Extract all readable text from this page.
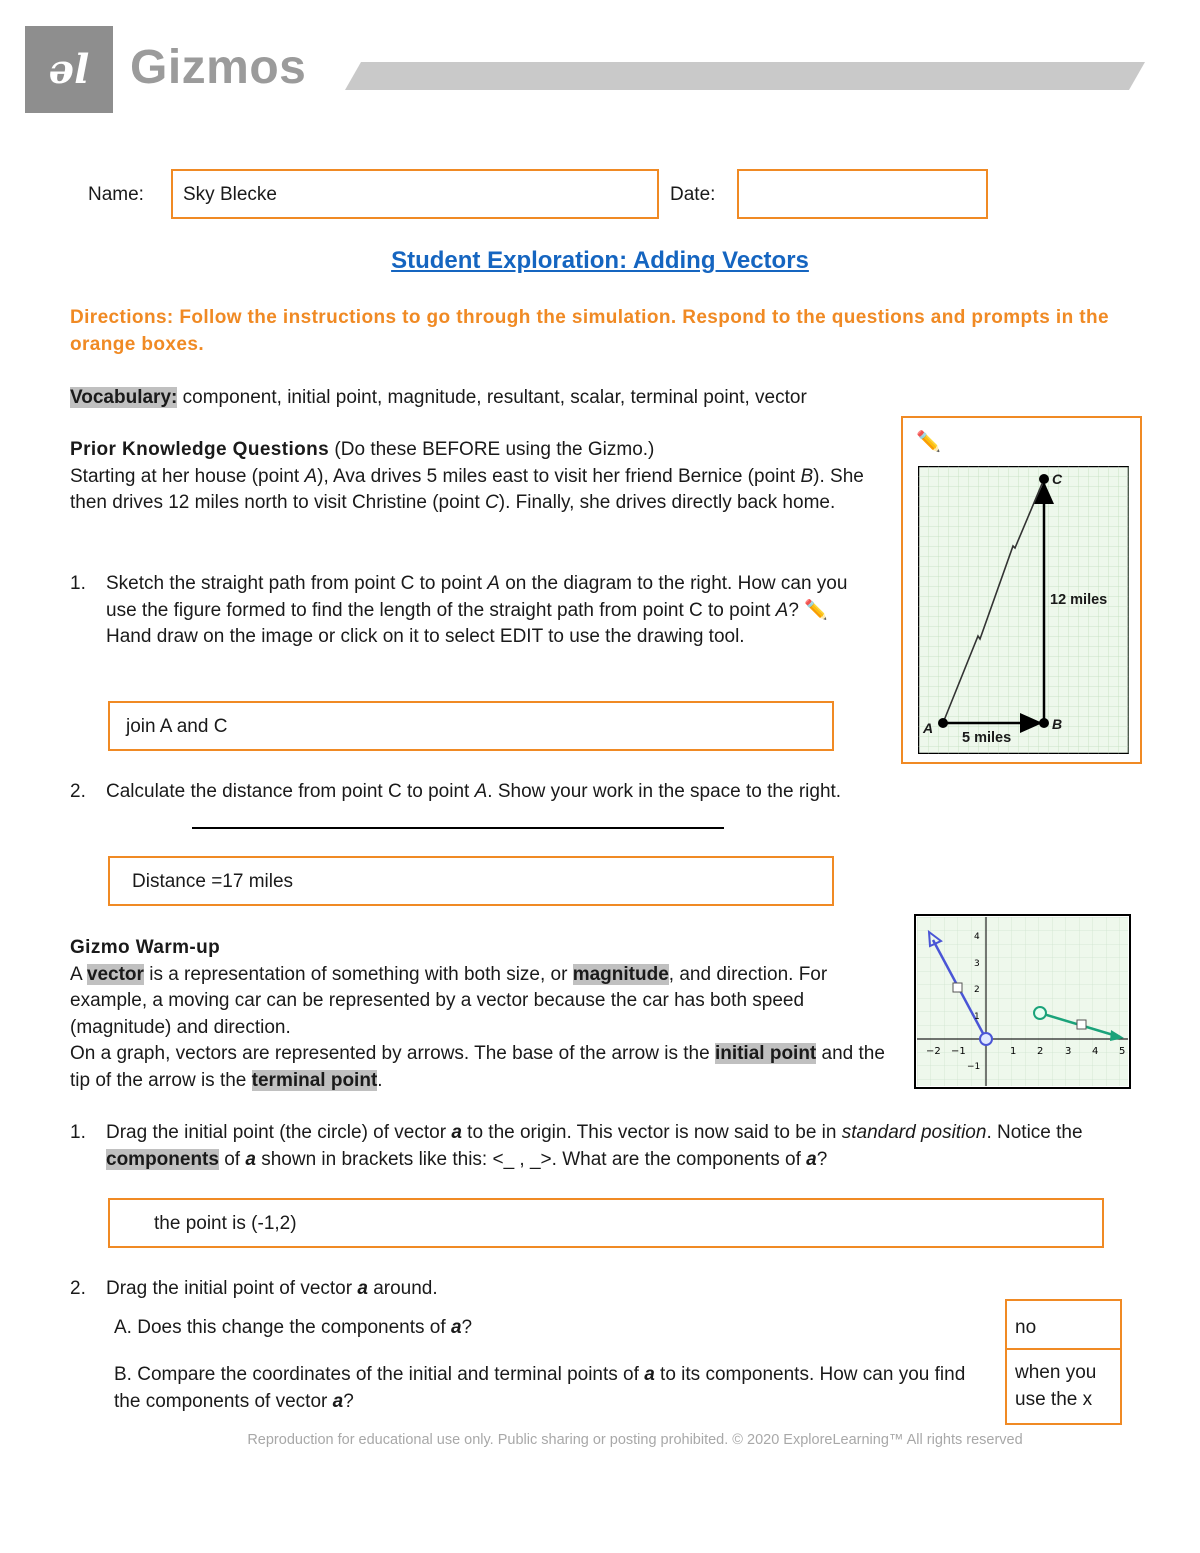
əl Gizmos
Name:	Sky Blecke	Date:
Student Exploration: Adding Vectors
Directions: Follow the instructions to go through the simulation. Respond to the questions and prompts in the orange boxes.
Vocabulary: component, initial point, magnitude, resultant, scalar, terminal point, vector
Prior Knowledge Questions (Do these BEFORE using the Gizmo.)
Starting at her house (point A), Ava drives 5 miles east to visit her friend Bernice (point B). She then drives 12 miles north to visit Christine (point C). Finally, she drives directly back home.
1. Sketch the straight path from point C to point A on the diagram to the right. How can you use the figure formed to find the length of the straight path from point C to point A? ✏️ Hand draw on the image or click on it to select EDIT to use the drawing tool.
join A and C
2. Calculate the distance from point C to point A. Show your work in the space to the right.
Distance =17 miles
✏️
A	B
C
12 miles
5 miles
Gizmo Warm-up
A vector is a representation of something with both size, or magnitude, and direction. For example, a moving car can be represented by a vector because the car has both speed (magnitude) and direction.
On a graph, vectors are represented by arrows. The base of the arrow is the initial point and the tip of the arrow is the terminal point.
−2 −1	1 2 3 4 5
4
3
2
1
−1
1. Drag the initial point (the circle) of vector a to the origin. This vector is now said to be in standard position. Notice the components of a shown in brackets like this: <_ , _>. What are the components of a?
the point is (-1,2)
2. Drag the initial point of vector a around.
A. Does this change the components of a?
B. Compare the coordinates of the initial and terminal points of a to its components. How can you find the components of vector a?
no
when you use the x
Reproduction for educational use only. Public sharing or posting prohibited. © 2020 ExploreLearning™ All rights reserved
